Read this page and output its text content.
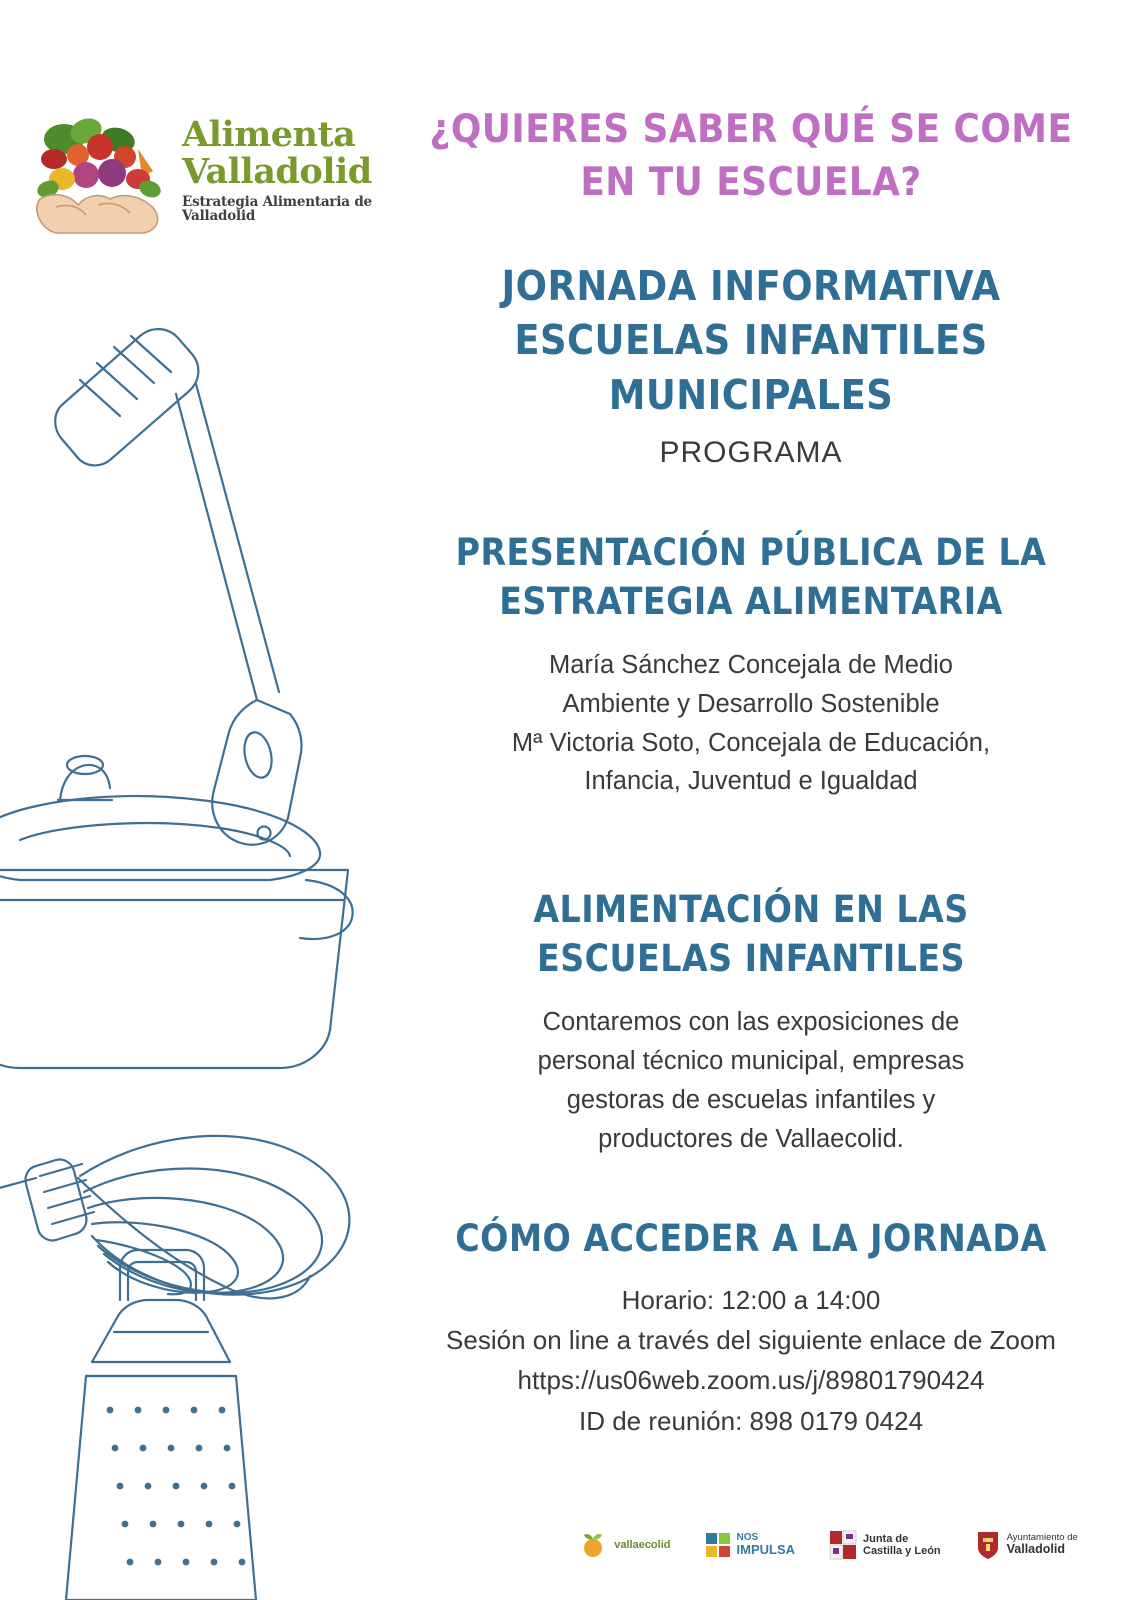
Alimenta
Valladolid
Estrategia Alimentaria de Valladolid
¿QUIERES SABER QUÉ SE COME EN TU ESCUELA?
JORNADA INFORMATIVA ESCUELAS INFANTILES MUNICIPALES
PROGRAMA
PRESENTACIÓN PÚBLICA DE LA ESTRATEGIA ALIMENTARIA

María Sánchez Concejala de Medio

Ambiente y Desarrollo Sostenible

Mª Victoria Soto, Concejala de Educación,

Infancia, Juventud e Igualdad

ALIMENTACIÓN EN LAS ESCUELAS INFANTILES

Contaremos con las exposiciones de

personal técnico municipal, empresas

gestoras de escuelas infantiles y

productores de Vallaecolid.

CÓMO ACCEDER A LA JORNADA

Horario: 12:00 a 14:00

Sesión on line a través del siguiente enlace de Zoom

https://us06web.zoom.us/j/89801790424

ID de reunión: 898 0179 0424

vallaecolid
NOS
IMPULSA
Junta de
Castilla y León
Ayuntamiento de
Valladolid
